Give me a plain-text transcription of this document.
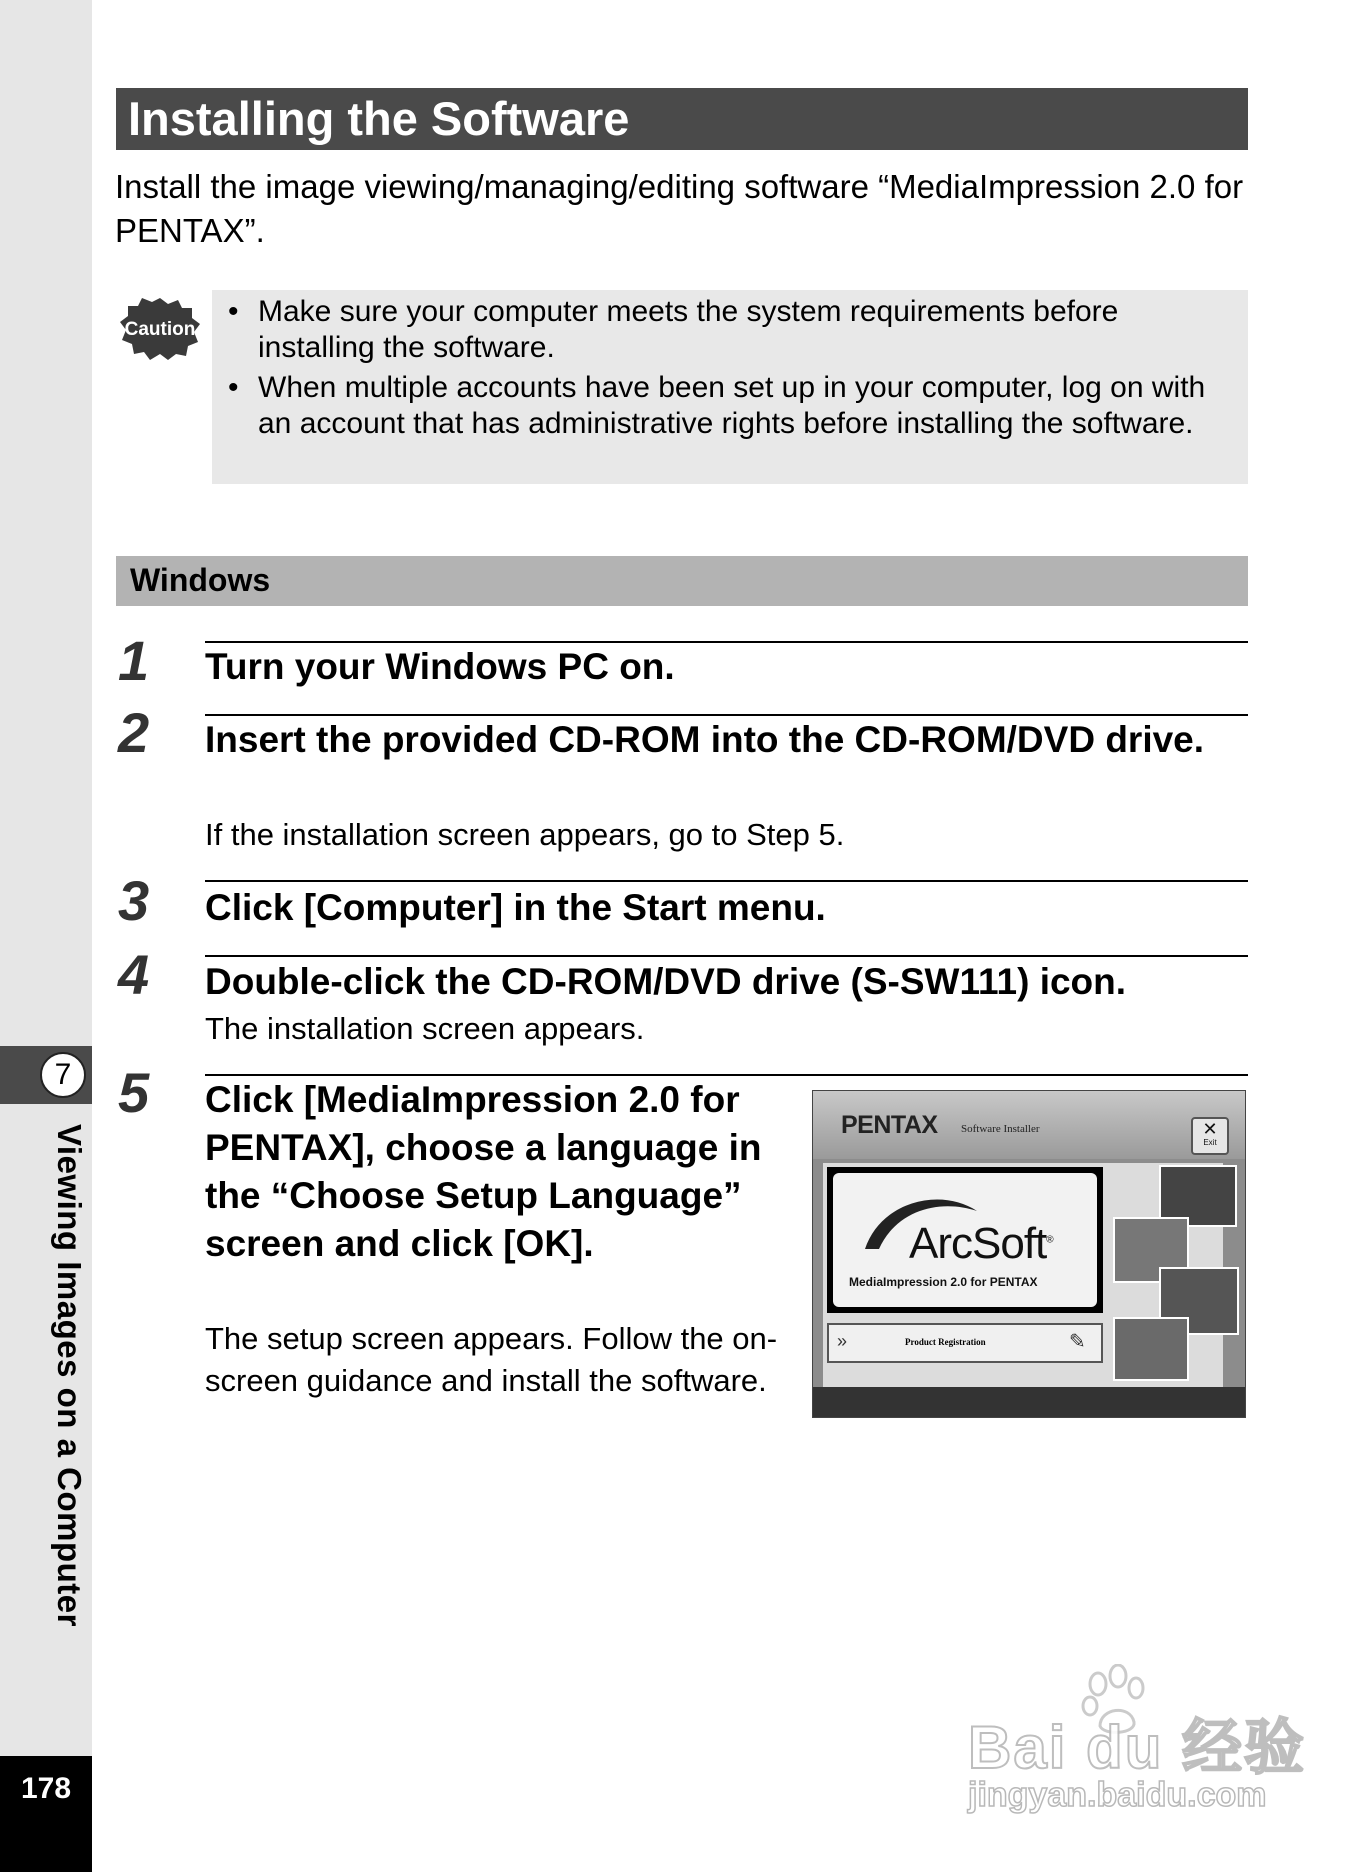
7
Viewing Images on a Computer
178
Installing the Software
Install the image viewing/managing/editing software “MediaImpression 2.0 for PENTAX”.
Caution
• Make sure your computer meets the system requirements before installing the software.
• When multiple accounts have been set up in your computer, log on with an account that has administrative rights before installing the software.
Windows
1 Turn your Windows PC on.
2 Insert the provided CD-ROM into the CD-ROM/DVD drive.
If the installation screen appears, go to Step 5.
3 Click [Computer] in the Start menu.
4 Double-click the CD-ROM/DVD drive (S-SW111) icon.
The installation screen appears.
5 Click [MediaImpression 2.0 for PENTAX], choose a language in the “Choose Setup Language” screen and click [OK].
The setup screen appears. Follow the on-screen guidance and install the software.
PENTAX Software Installer	✕
Exit
ArcSoft®
MediaImpression 2.0 for PENTAX
»	Product Registration	✎
Bai du 经验
jingyan.baidu.com
